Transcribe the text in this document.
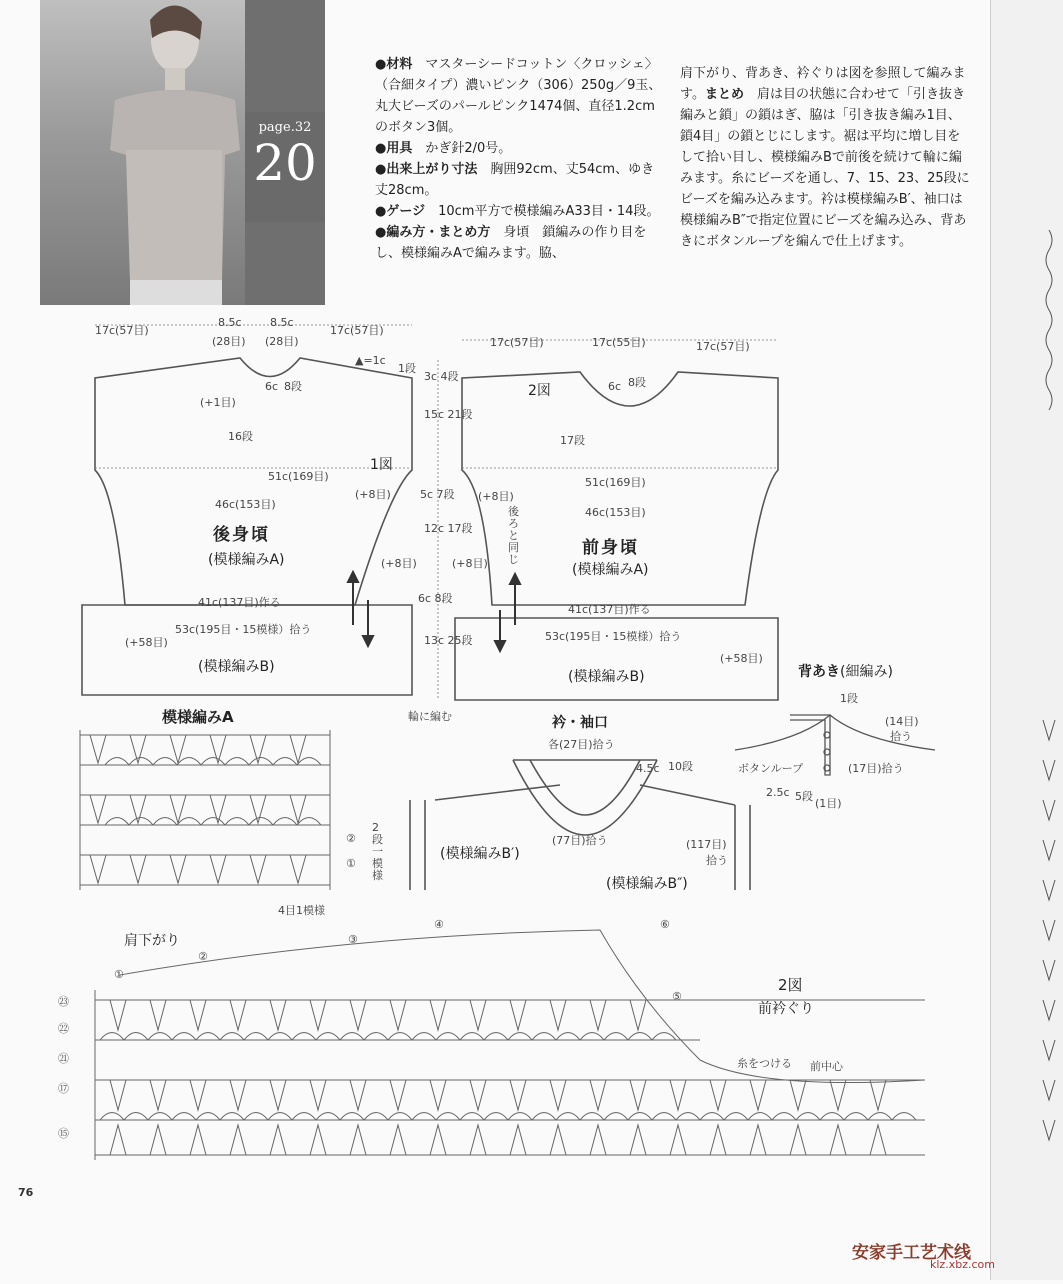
page.32
20
●材料　 マスターシードコットン〈クロッシェ〉（合細タイプ）濃いピンク（306）250g／9玉、丸大ビーズのパールピンク1474個、直径1.2cmのボタン3個。
●用具　 かぎ針2/0号。
●出来上がり寸法　 胸囲92cm、丈54cm、ゆき丈28cm。
●ゲージ　 10cm平方で模様編みA33目・14段。
●編み方・まとめ方　 身頃　鎖編みの作り目をし、模様編みAで編みます。脇、
肩下がり、背あき、衿ぐりは図を参照して編みます。まとめ　 肩は目の状態に合わせて「引き抜き編みと鎖」の鎖はぎ、脇は「引き抜き編み1目、鎖4目」の鎖とじにします。裾は平均に増し目をして拾い目し、模様編みBで前後を続けて輪に編みます。糸にビーズを通し、7、15、23、25段にビーズを編み込みます。衿は模様編みB′、袖口は模様編みB″で指定位置にビーズを編み込み、背あきにボタンループを編んで仕上げます。
17c(57目)
8.5c
(28目)
8.5c
(28目)
17c(57目)
▲=1c
1段
6c 8段
(+1目)
16段
1図
51c(169目)
(+8目)
46c(153目)
後身頃
(模様編みA)	(+8目)
41c(137目)作る
53c(195目・15模様）拾う
(+58目)
(模様編みB)
3c 4段
15c 21段
5c 7段
12c 17段
6c 8段
13c 25段
輪に編む
17c(57目)	17c(55目)	17c(57目)
2図	6c 8段
17段
51c(169目)
(+8目)
後ろと同じ
46c(153目)
前身頃
(模様編みA)
(+8目)
41c(137目)作る
53c(195目・15模様）拾う
(+58目)
(模様編みB)
模様編みA
②
①
2段一模様
4目1模様
衿・袖口
各(27目)拾う
4.5c 10段
(77目)拾う
(模様編みB′)
2.5c 5段
(117目)
拾う
(模様編みB″)
背あき(細編み)
1段
(14目)
拾う
ボタンループ	(17目)拾う
(1目)
肩下がり
2図
前衿ぐり
糸をつける 前中心
①
②
③
④
⑤
⑥
㉓
㉒
㉑
⑰
⑮
76
安家手工艺术线
klz.xbz.com
